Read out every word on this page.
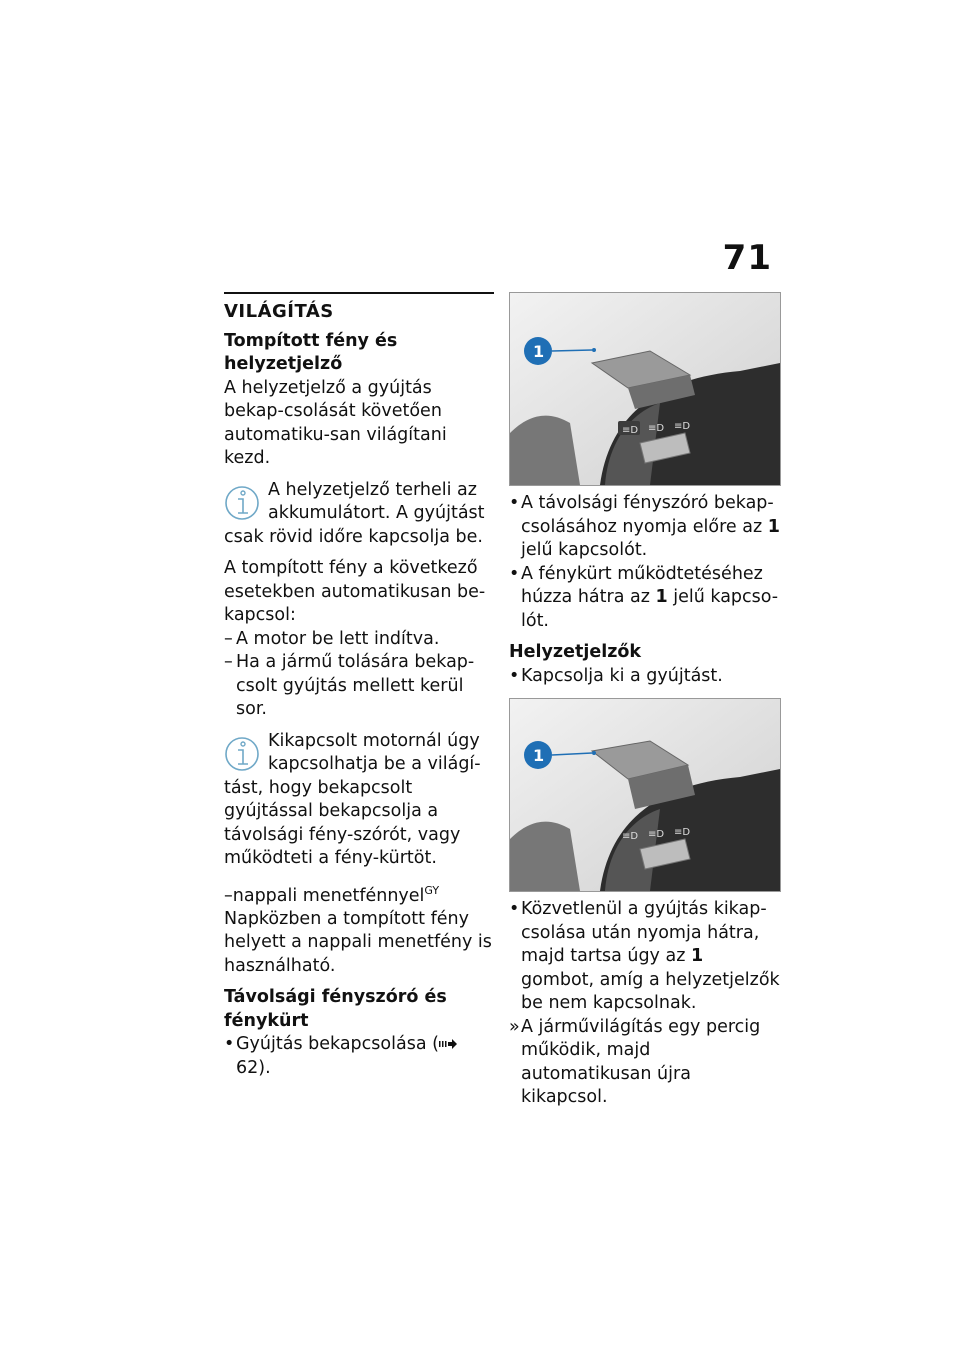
71
VILÁGÍTÁS
Tompított fény és helyzetjelző

A helyzetjelző a gyújtás bekap-csolását követően automatiku-san világítani kezd.

A helyzetjelző terheli az akkumulátort. A gyújtást csak rövid időre kapcsolja be.

A tompított fény a következő esetekben automatikusan be-kapcsol:

– A motor be lett indítva.
– Ha a jármű tolására bekap-csolt gyújtás mellett kerül sor.
Kikapcsolt motornál úgy kapcsolhatja be a világí-tást, hogy bekapcsolt gyújtással bekapcsolja a távolsági fény-szórót, vagy működteti a fény-kürtöt.
–nappali menetfénnyel$^{GY}$

Napközben a tompított fény helyett a nappali menetfény is használható.

Távolsági fényszóró és fénykürt
• Gyújtás bekapcsolása ( 62).
≡D ≡D ≡D
1
• A távolsági fényszóró bekap-csolásához nyomja előre az 1 jelű kapcsolót.
• A fénykürt működtetéséhez húzza hátra az 1 jelű kapcso-lót.
Helyzetjelzők
• Kapcsolja ki a gyújtást.
≡D ≡D ≡D
1
• Közvetlenül a gyújtás kikap-csolása után nyomja hátra, majd tartsa úgy az 1 gombot, amíg a helyzetjelzők be nem kapcsolnak.
» A járművilágítás egy percig működik, majd automatikusan újra kikapcsol.
